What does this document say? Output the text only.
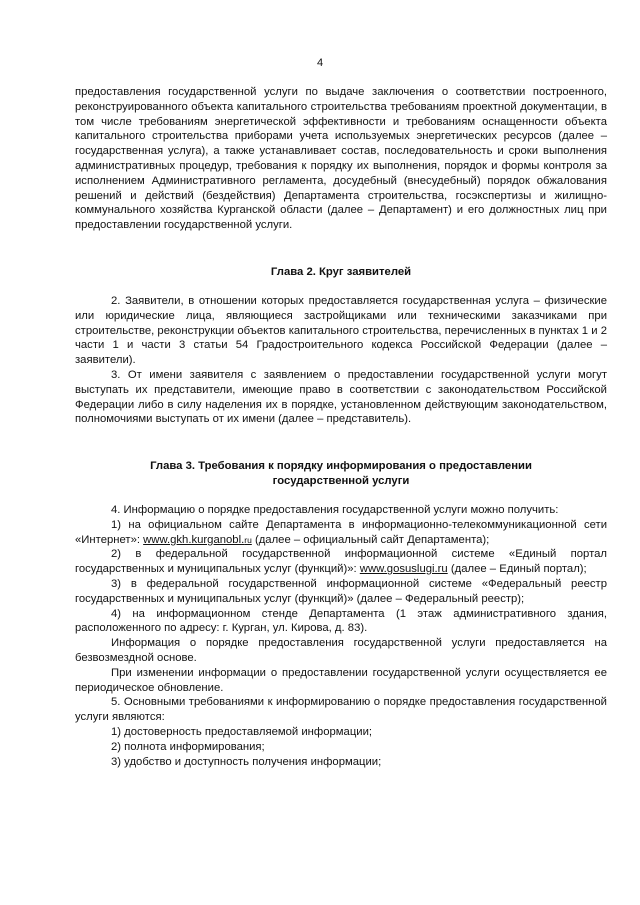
4

предоставления государственной услуги по выдаче заключения о соответствии построенного, реконструированного объекта капитального строительства требованиям проектной документации, в том числе требованиям энергетической эффективности и требованиям оснащенности объекта капитального строительства приборами учета используемых энергетических ресурсов (далее – государственная услуга), а также устанавливает состав, последовательность и сроки выполнения административных процедур, требования к порядку их выполнения, порядок и формы контроля за исполнением Административного регламента, досудебный (внесудебный) порядок обжалования решений и действий (бездействия) Департамента строительства, госэкспертизы и жилищно-коммунального хозяйства Курганской области (далее – Департамент) и его должностных лиц при предоставлении государственной услуги.

Глава 2. Круг заявителей

2. Заявители, в отношении которых предоставляется государственная услуга – физические или юридические лица, являющиеся застройщиками или техническими заказчиками при строительстве, реконструкции объектов капитального строительства, перечисленных в пунктах 1 и 2 части 1 и части 3 статьи 54 Градостроительного кодекса Российской Федерации (далее – заявители).

3. От имени заявителя с заявлением о предоставлении государственной услуги могут выступать их представители, имеющие право в соответствии с законодательством Российской Федерации либо в силу наделения их в порядке, установленном действующим законодательством, полномочиями выступать от их имени (далее – представитель).

Глава 3. Требования к порядку информирования о предоставлении

государственной услуги

4. Информацию о порядке предоставления государственной услуги можно получить:

1) на официальном сайте Департамента в информационно-телекоммуникационной сети «Интернет»: www.gkh.kurganobl.ru (далее – официальный сайт Департамента);

2) в федеральной государственной информационной системе «Единый портал государственных и муниципальных услуг (функций)»: www.gosuslugi.ru (далее – Единый портал);

3) в федеральной государственной информационной системе «Федеральный реестр государственных и муниципальных услуг (функций)» (далее – Федеральный реестр);

4) на информационном стенде Департамента (1 этаж административного здания, расположенного по адресу: г. Курган, ул. Кирова, д. 83).

Информация о порядке предоставления государственной услуги предоставляется на безвозмездной основе.

При изменении информации о предоставлении государственной услуги осуществляется ее периодическое обновление.

5. Основными требованиями к информированию о порядке предоставления государственной услуги являются:

1) достоверность предоставляемой информации;

2) полнота информирования;

3) удобство и доступность получения информации;
